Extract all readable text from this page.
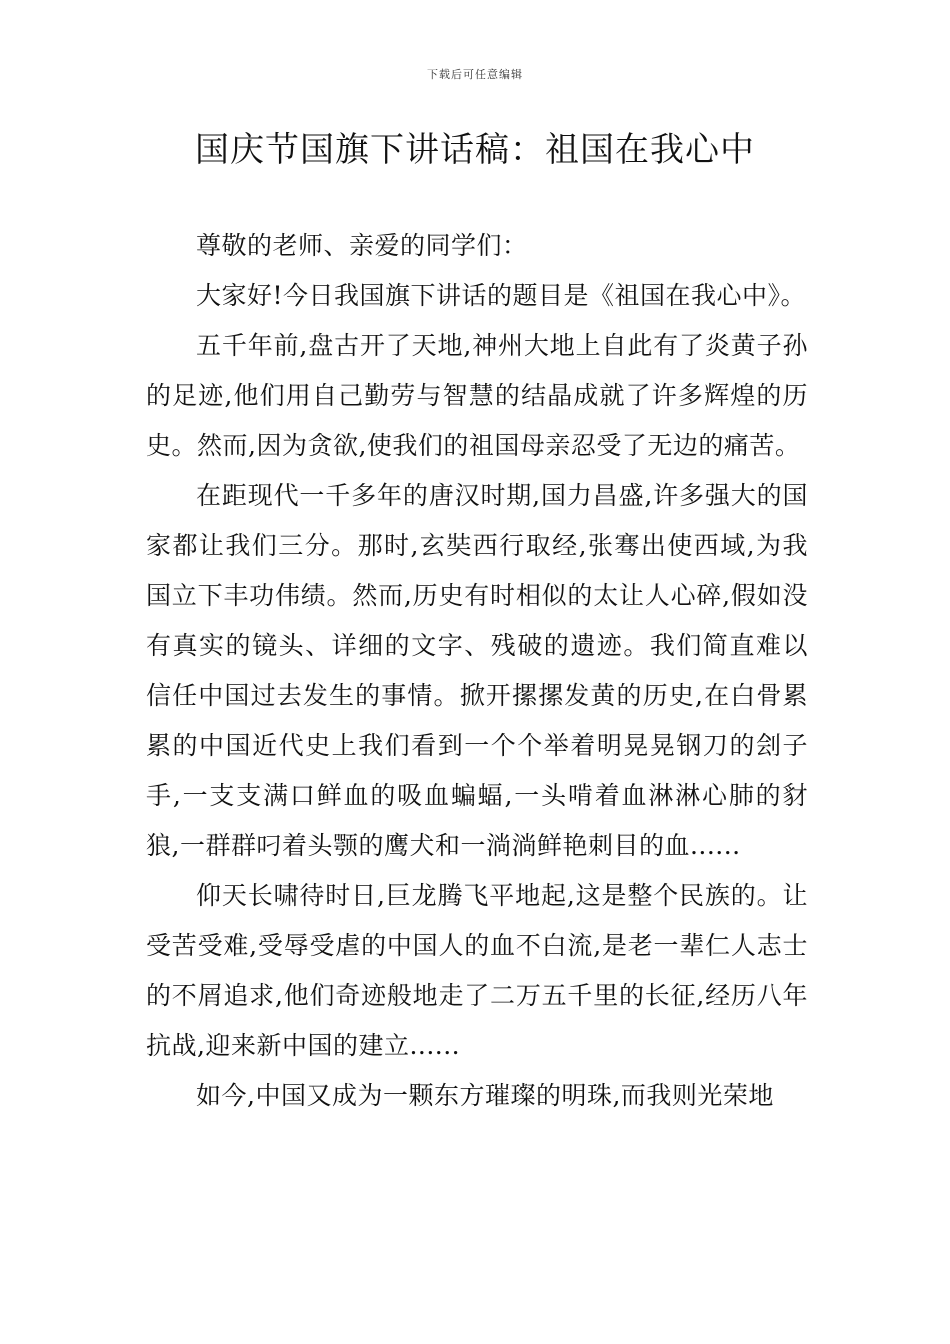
下载后可任意编辑
国庆节国旗下讲话稿：祖国在我心中

尊敬的老师、亲爱的同学们：

大家好!今日我国旗下讲话的题目是《祖国在我心中》。

五千年前,盘古开了天地,神州大地上自此有了炎黄子孙的足迹,他们用自己勤劳与智慧的结晶成就了许多辉煌的历史。然而,因为贪欲,使我们的祖国母亲忍受了无边的痛苦。

在距现代一千多年的唐汉时期,国力昌盛,许多强大的国家都让我们三分。那时,玄奘西行取经,张骞出使西域,为我国立下丰功伟绩。然而,历史有时相似的太让人心碎,假如没有真实的镜头、详细的文字、残破的遗迹。我们简直难以信任中国过去发生的事情。掀开摞摞发黄的历史,在白骨累累的中国近代史上我们看到一个个举着明晃晃钢刀的刽子手,一支支满口鲜血的吸血蝙蝠,一头啃着血淋淋心肺的豺狼,一群群叼着头颚的鹰犬和一淌淌鲜艳刺目的血......

仰天长啸待时日,巨龙腾飞平地起,这是整个民族的。让受苦受难,受辱受虐的中国人的血不白流,是老一辈仁人志士的不屑追求,他们奇迹般地走了二万五千里的长征,经历八年抗战,迎来新中国的建立......

如今,中国又成为一颗东方璀璨的明珠,而我则光荣地
